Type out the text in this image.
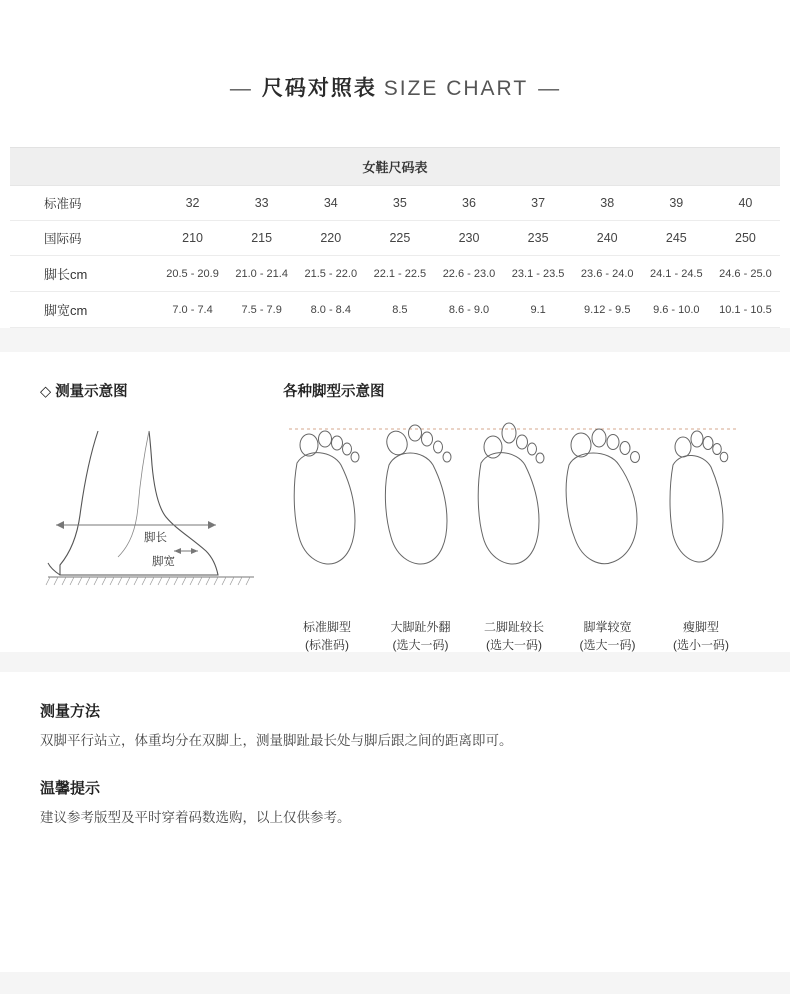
— 尺码对照表 SIZE CHART —
女鞋尺码表									
标准码	32	33	34	35	36	37	38	39	40
国际码	210	215	220	225	230	235	240	245	250
脚长cm	20.5 - 20.9	21.0 - 21.4	21.5 - 22.0	22.1 - 22.5	22.6 - 23.0	23.1 - 23.5	23.6 - 24.0	24.1 - 24.5	24.6 - 25.0
脚宽cm	7.0 - 7.4	7.5 - 7.9	8.0 - 8.4	8.5	8.6 - 9.0	9.1	9.12 - 9.5	9.6 - 10.0	10.1 - 10.5
◇ 测量示意图
脚长
脚宽
各种脚型示意图
标准脚型
(标准码)
大脚趾外翻
(选大一码)
二脚趾较长
(选大一码)
脚掌较宽
(选大一码)
瘦脚型
(选小一码)

测量方法

双脚平行站立，体重均分在双脚上，测量脚趾最长处与脚后跟之间的距离即可。

温馨提示

建议参考版型及平时穿着码数选购，以上仅供参考。
